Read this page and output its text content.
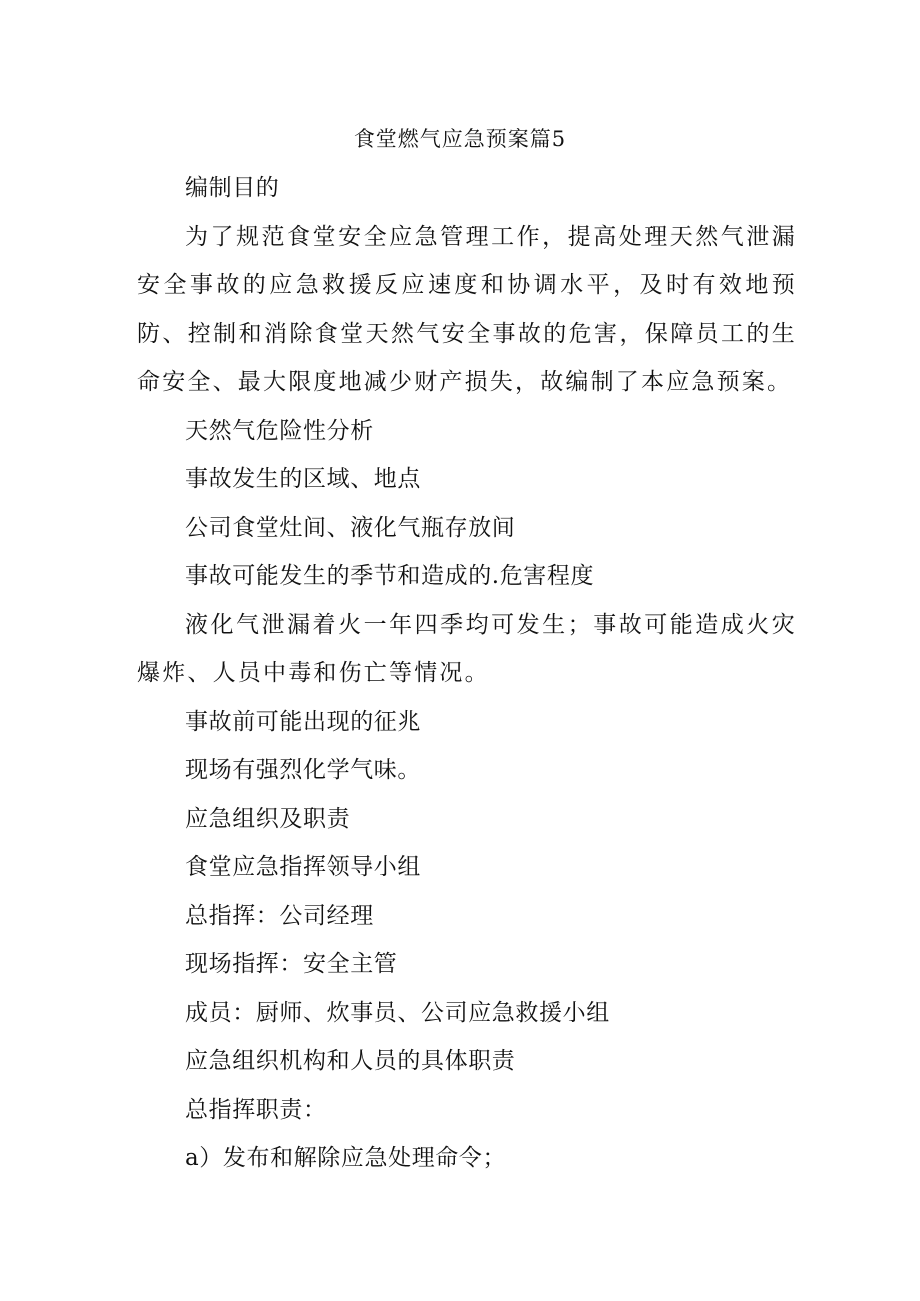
食堂燃气应急预案篇5

编制目的

为了规范食堂安全应急管理工作，提高处理天然气泄漏安全事故的应急救援反应速度和协调水平，及时有效地预防、控制和消除食堂天然气安全事故的危害，保障员工的生命安全、最大限度地减少财产损失，故编制了本应急预案。

天然气危险性分析

事故发生的区域、地点

公司食堂灶间、液化气瓶存放间

事故可能发生的季节和造成的.危害程度

液化气泄漏着火一年四季均可发生；事故可能造成火灾爆炸、人员中毒和伤亡等情况。

事故前可能出现的征兆

现场有强烈化学气味。

应急组织及职责

食堂应急指挥领导小组

总指挥：公司经理

现场指挥：安全主管

成员：厨师、炊事员、公司应急救援小组

应急组织机构和人员的具体职责

总指挥职责：

a）发布和解除应急处理命令；
